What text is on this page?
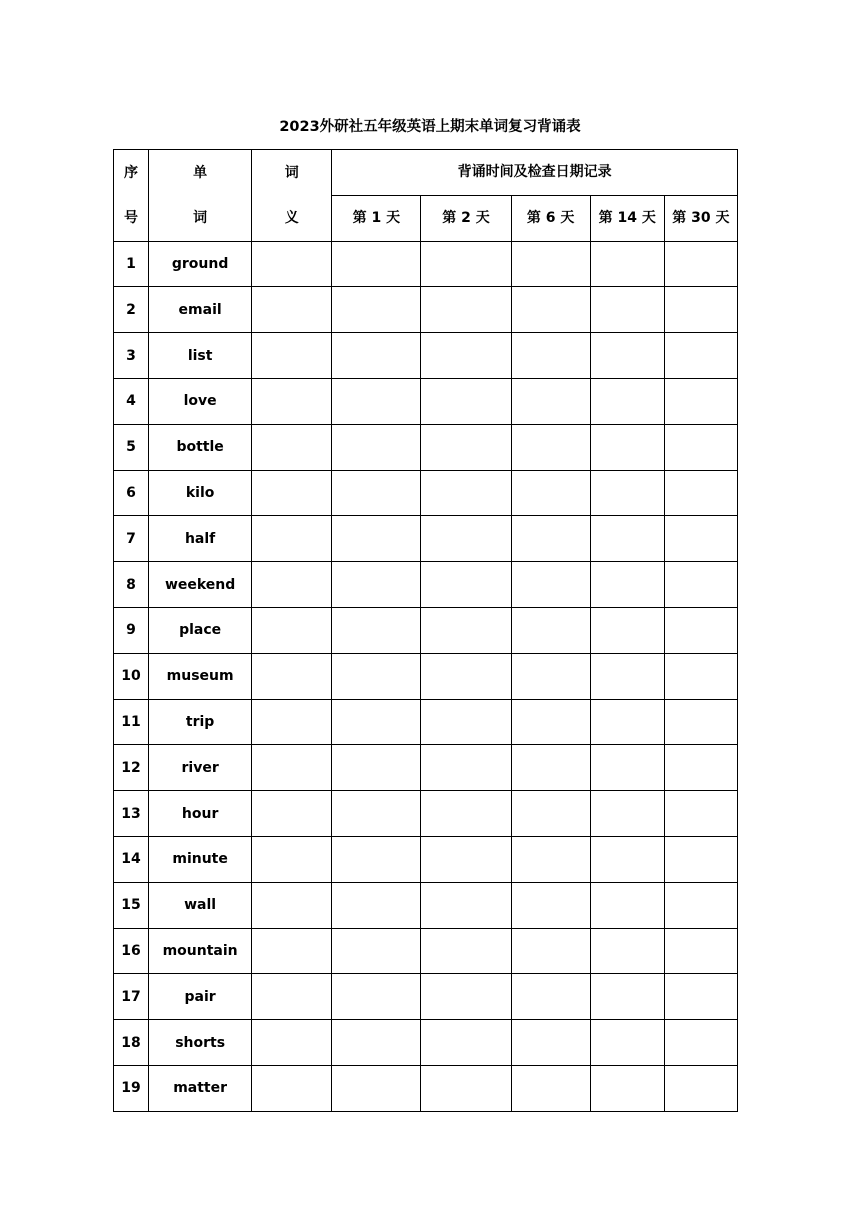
2023外研社五年级英语上期末单词复习背诵表
序	单	词	背诵时间及检查日期记录				
号	词	义	第 1 天	第 2 天	第 6 天	第 14 天	第 30 天
1	ground						
2	email						
3	list						
4	love						
5	bottle						
6	kilo						
7	half						
8	weekend						
9	place						
10	museum						
11	trip						
12	river						
13	hour						
14	minute						
15	wall						
16	mountain						
17	pair						
18	shorts						
19	matter						
